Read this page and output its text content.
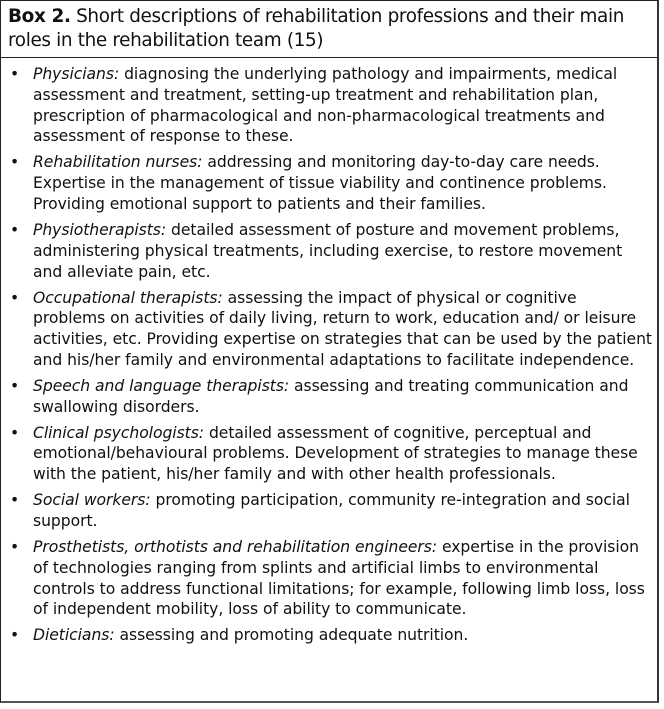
Box 2. Short descriptions of rehabilitation professions and their main roles in the rehabilitation team (15)
• Physicians: diagnosing the underlying pathology and impairments, medical assessment and treatment, setting-up treatment and rehabilitation plan, prescription of pharmacological and non-pharmacological treatments and assessment of response to these.
• Rehabilitation nurses: addressing and monitoring day-to-day care needs. Expertise in the management of tissue viability and continence problems. Providing emotional support to patients and their families.
• Physiotherapists: detailed assessment of posture and movement problems, administering physical treatments, including exercise, to restore movement and alleviate pain, etc.
• Occupational therapists: assessing the impact of physical or cognitive problems on activities of daily living, return to work, education and/ or leisure activities, etc. Providing expertise on strategies that can be used by the patient and his/her family and environmental adaptations to facilitate independence.
• Speech and language therapists: assessing and treating communication and swallowing disorders.
• Clinical psychologists: detailed assessment of cognitive, perceptual and emotional/behavioural problems. Development of strategies to manage these with the patient, his/her family and with other health professionals.
• Social workers: promoting participation, community re-integration and social support.
• Prosthetists, orthotists and rehabilitation engineers: expertise in the provision of technologies ranging from splints and artificial limbs to environmental controls to address functional limitations; for example, following limb loss, loss of independent mobility, loss of ability to communicate.
• Dieticians: assessing and promoting adequate nutrition.
